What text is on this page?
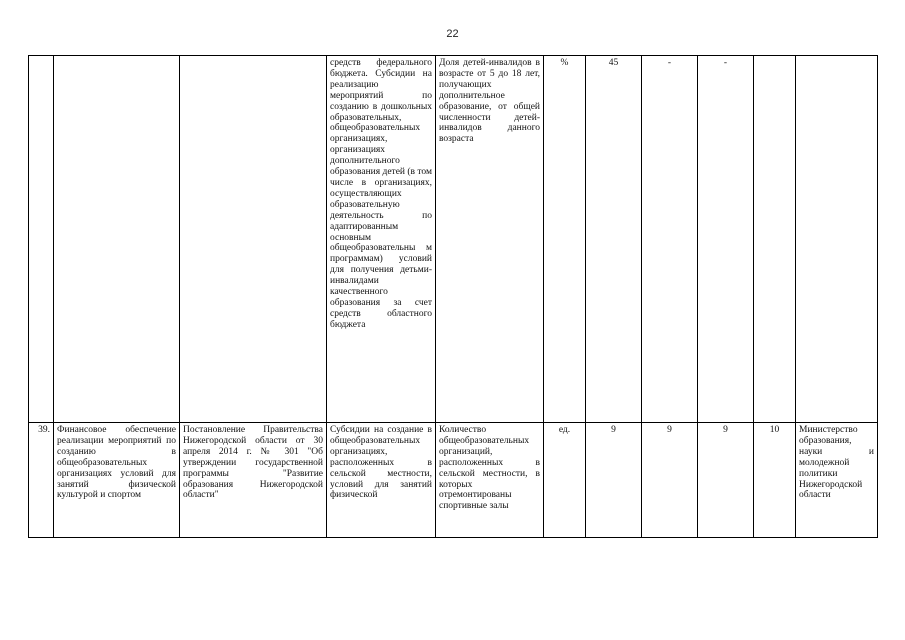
22
			средств федерального бюджета. Субсидии на реализацию мероприятий по созданию в дошкольных образовательных, общеобразовательных организациях, организациях дополнительного образования детей (в том числе в организациях, осуществляющих образовательную деятельность по адаптированным основным общеобразовательны м программам) условий для получения детьми-инвалидами качественного образования за счет средств областного бюджета	Доля детей-инвалидов в возрасте от 5 до 18 лет, получающих дополнительное образование, от общей численности детей-инвалидов данного возраста	%	45	-	-		
39.	Финансовое обеспечение реализации мероприятий по созданию в общеобразовательных организациях условий для занятий физической культурой и спортом	Постановление Правительства Нижегородской области от 30 апреля 2014 г. № 301 "Об утверждении государственной программы "Развитие образования Нижегородской области"	Субсидии на создание в общеобразовательных организациях, расположенных в сельской местности, условий для занятий физической	Количество общеобразовательных организаций, расположенных в сельской местности, в которых отремонтированы спортивные залы	ед.	9	9	9	10	Министерство образования, науки и молодежной политики Нижегородской области
